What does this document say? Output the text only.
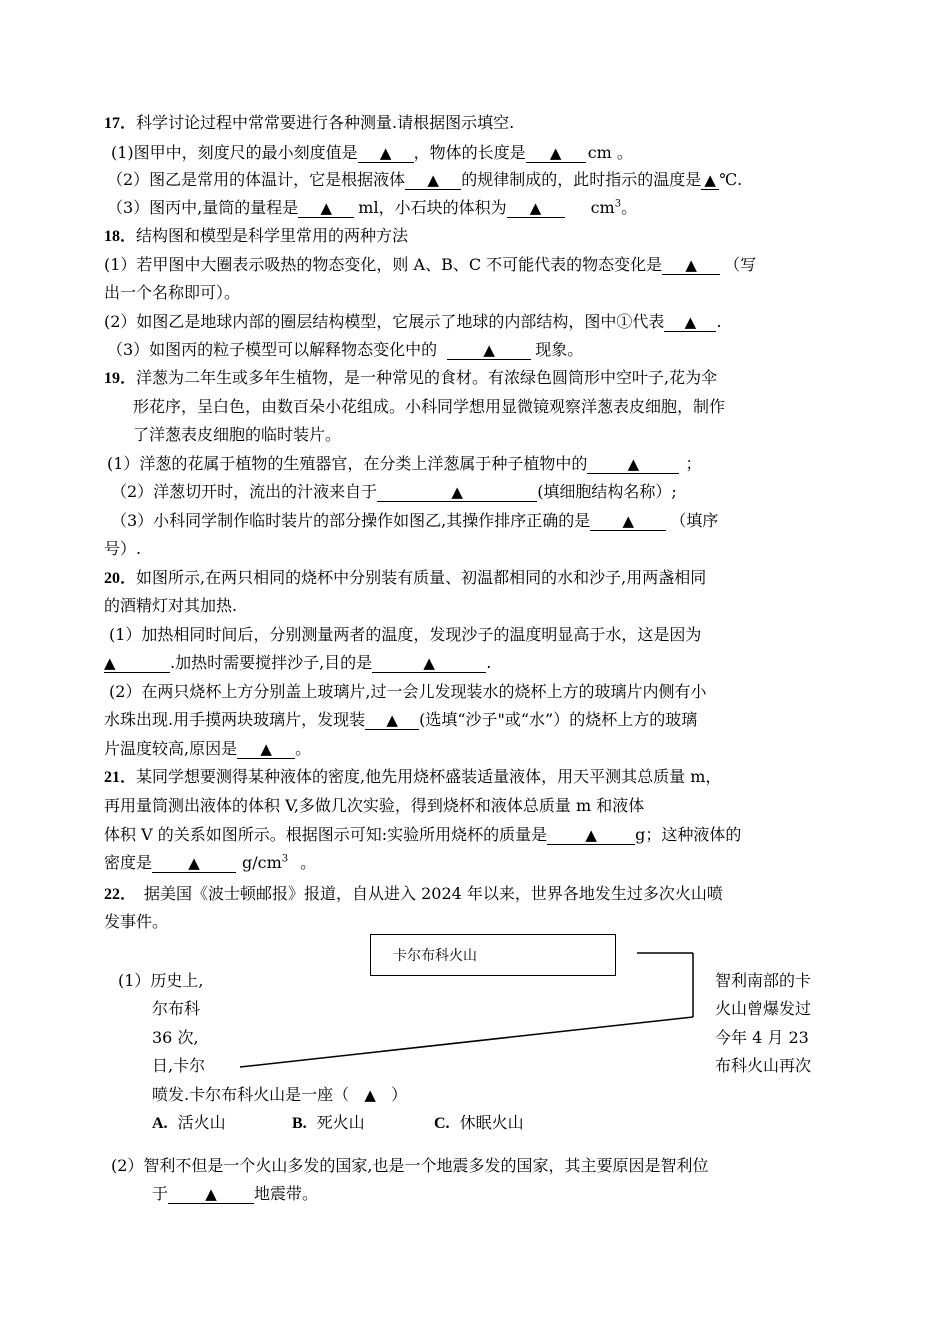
17．科学讨论过程中常常要进行各种测量.请根据图示填空.
(1)图甲中，刻度尺的最小刻度值是 ▲ ，物体的长度是 ▲ cm 。
（2）图乙是常用的体温计，它是根据液体 ▲ 的规律制成的，此时指示的温度是 ▲ ℃.
（3）图丙中,量筒的量程是 ▲ ml，小石块的体积为 ▲	$cm^3$。
18．结构图和模型是科学里常用的两种方法
(1）若甲图中大圈表示吸热的物态变化，则 A、B、C 不可能代表的物态变化是 ▲ （写
出一个名称即可）。
(2）如图乙是地球内部的圈层结构模型，它展示了地球的内部结构，图中①代表 ▲ .
（3）如图丙的粒子模型可以解释物态变化中的	▲	现象。
19．洋葱为二年生或多年生植物，是一种常见的食材。有浓绿色圆筒形中空叶子,花为伞
形花序，呈白色，由数百朵小花组成。小科同学想用显微镜观察洋葱表皮细胞，制作
了洋葱表皮细胞的临时装片。
(1）洋葱的花属于植物的生殖器官，在分类上洋葱属于种子植物中的	▲	；
（2）洋葱切开时，流出的汁液来自于	▲	(填细胞结构名称）;
（3）小科同学制作临时装片的部分操作如图乙,其操作排序正确的是 ▲ （填序
号）.
20．如图所示,在两只相同的烧杯中分别装有质量、初温都相同的水和沙子,用两盏相同
的酒精灯对其加热.
(1）加热相同时间后，分别测量两者的温度，发现沙子的温度明显高于水，这是因为
▲	.加热时需要搅拌沙子,目的是	▲	.
(2）在两只烧杯上方分别盖上玻璃片,过一会儿发现装水的烧杯上方的玻璃片内侧有小
水珠出现.用手摸两块玻璃片，发现装 ▲ (选填“沙子"或“水”）的烧杯上方的玻璃
片温度较高,原因是 ▲ 。
21．某同学想要测得某种液体的密度,他先用烧杯盛装适量液体，用天平测其总质量 m，
再用量筒测出液体的体积 V,多做几次实验，得到烧杯和液体总质量 m 和液体
体积 V 的关系如图所示。根据图示可知:实验所用烧杯的质量是	▲ g；这种液体的
密度是 ▲	$g/cm^3$ 。
22． 据美国《波士顿邮报》报道，自从进入 2024 年以来，世界各地发生过多次火山喷
发事件。
卡尔布科火山
(1）历史上,
尔布科
36 次,
日,卡尔
智利南部的卡
火山曾爆发过
今年 4 月 23
布科火山再次
喷发.卡尔布科火山是一座（ ▲ ）
A. 活火山	B. 死火山	C. 休眠火山
(2）智利不但是一个火山多发的国家,也是一个地震多发的国家，其主要原因是智利位
于 ▲ 地震带。
